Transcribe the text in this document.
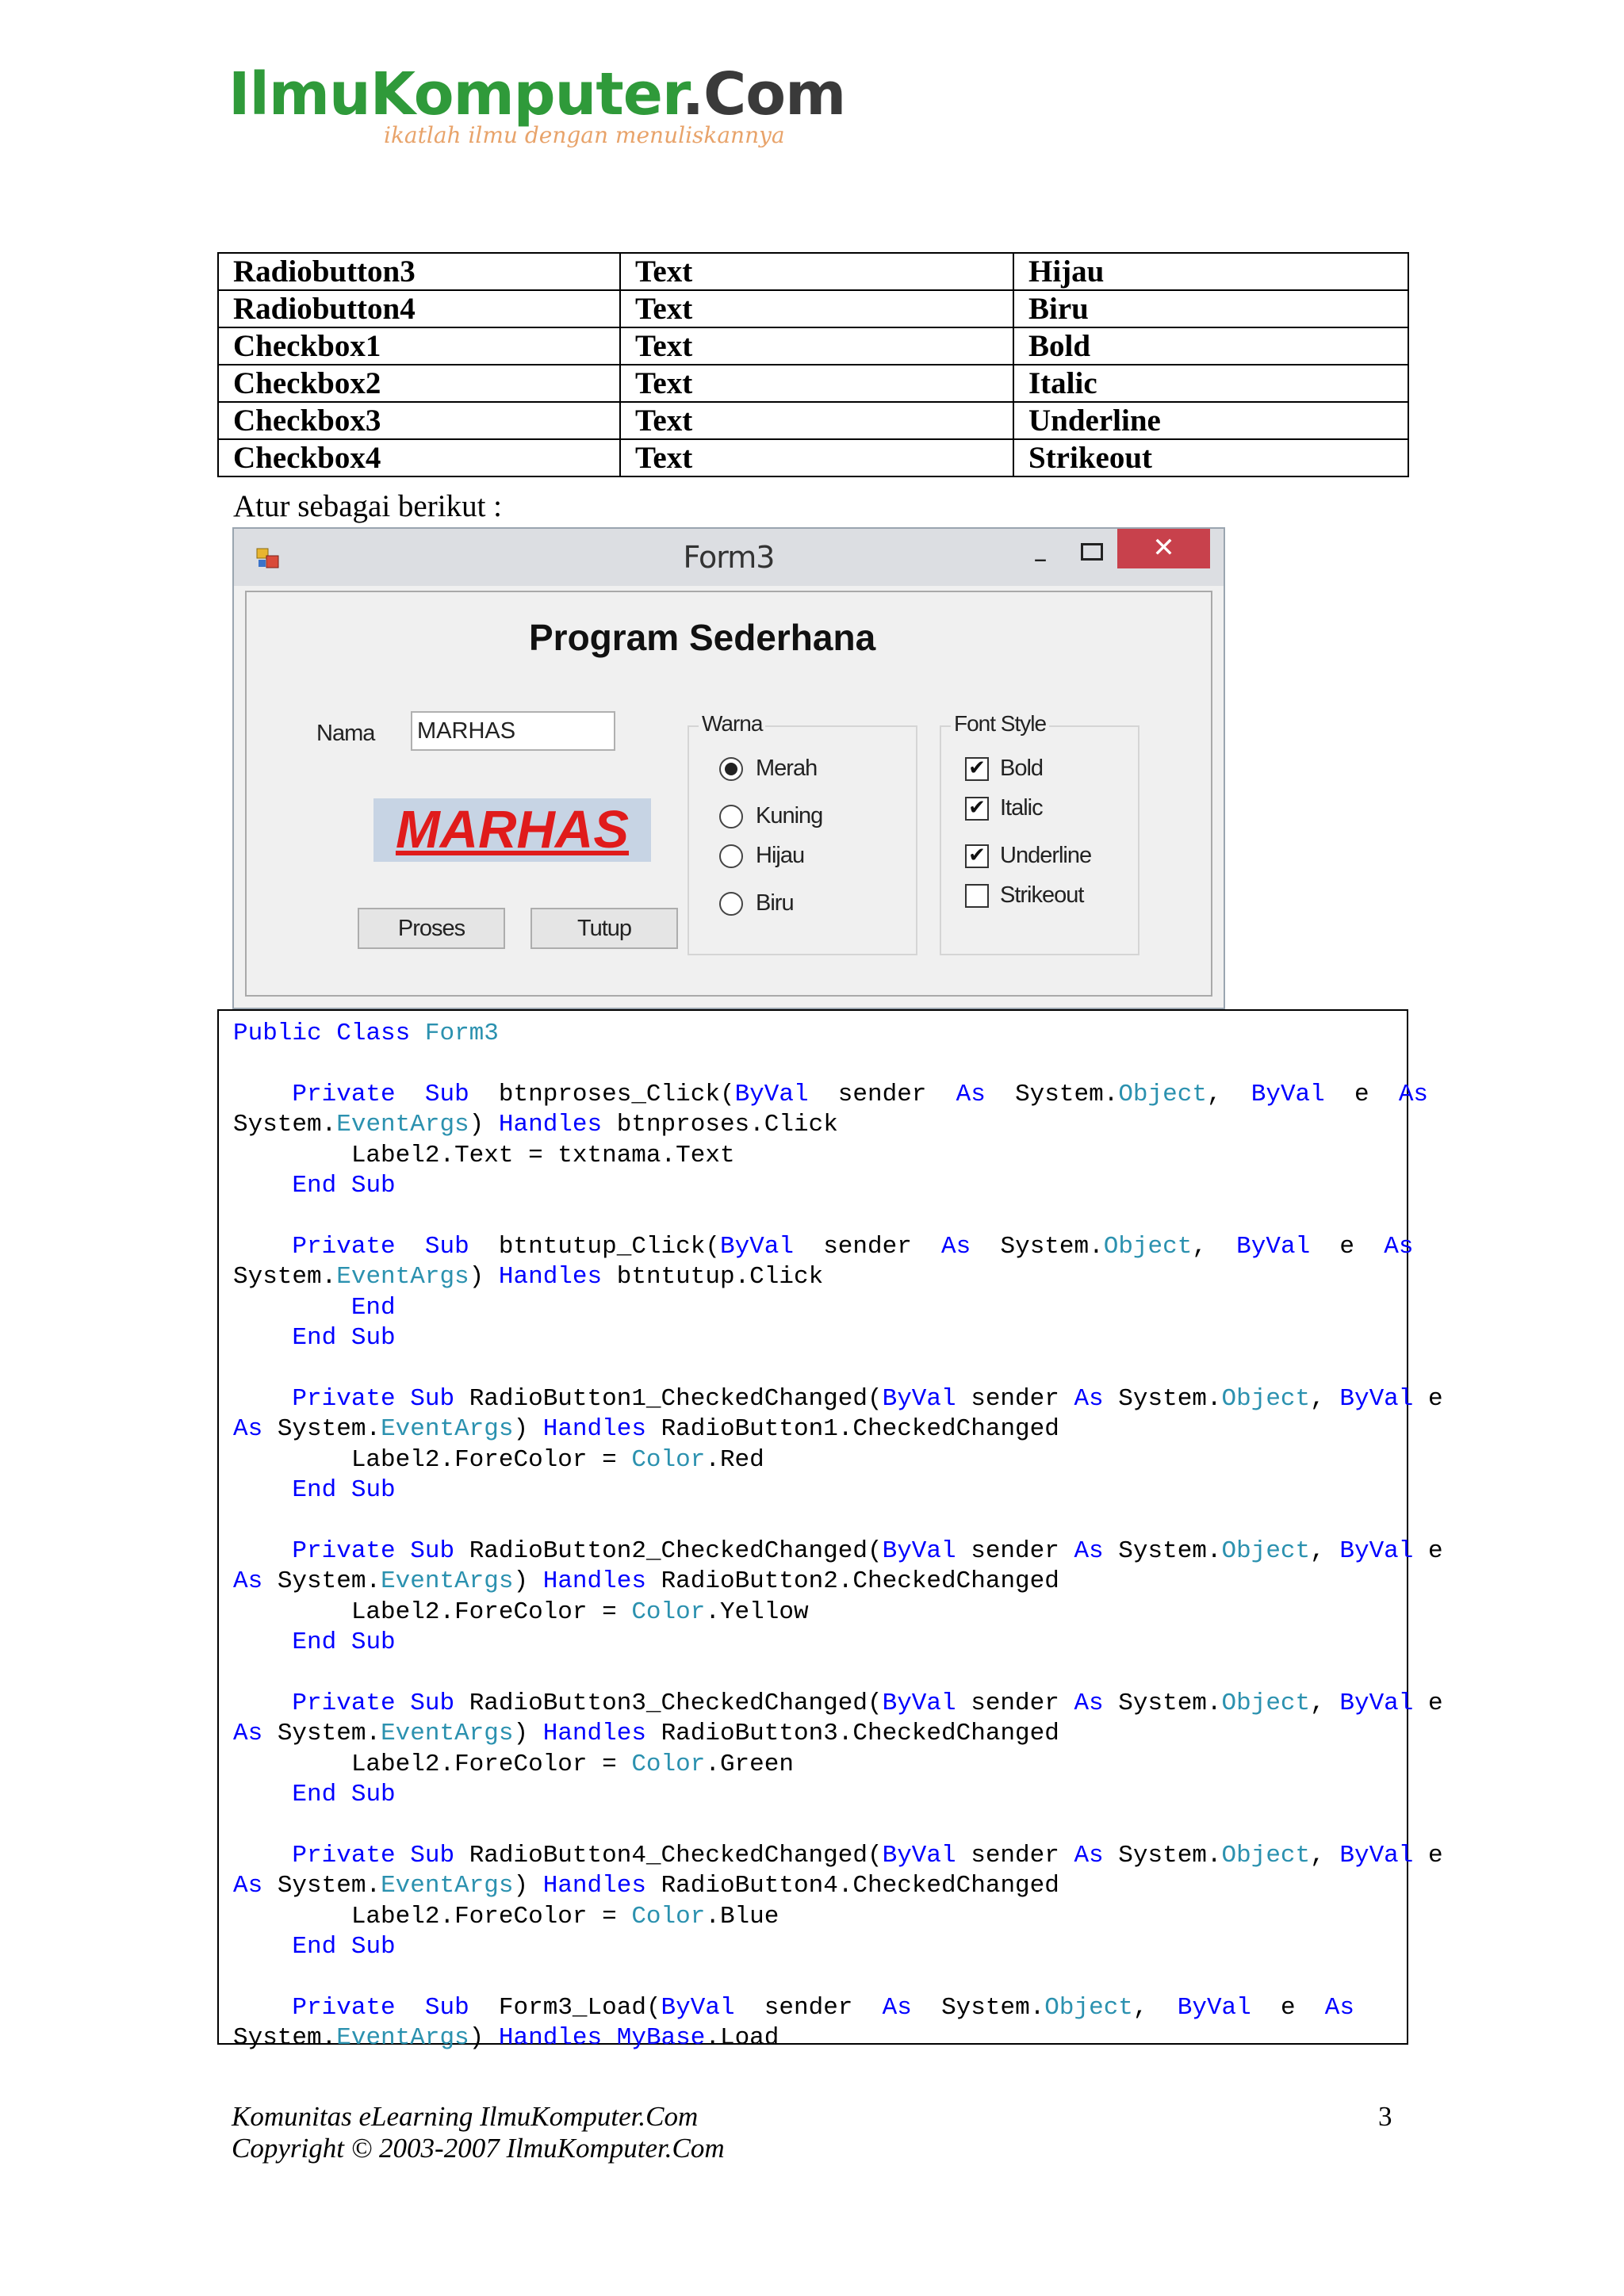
IlmuKomputer.Com
ikatlah ilmu dengan menuliskannya
Radiobutton3	Text	Hijau
Radiobutton4	Text	Biru
Checkbox1	Text	Bold
Checkbox2	Text	Italic
Checkbox3	Text	Underline
Checkbox4	Text	Strikeout
Atur sebagai berikut :
Form3	–	✕
Program Sederhana
Nama MARHAS
MARHAS
Proses	Tutup
Warna	Font Style
Merah
Kuning
Hijau
Biru
✔ Bold
✔ Italic
✔ Underline
Strikeout
Public Class Form3

Private Sub btnproses_Click(ByVal sender As System.Object,  ByVal e As
System.EventArgs) Handles btnproses.Click
Label2.Text = txtnama.Text
End Sub

Private Sub btntutup_Click(ByVal sender As System.Object,  ByVal e As
System.EventArgs) Handles btntutup.Click
End
End Sub

Private Sub RadioButton1_CheckedChanged(ByVal sender As System.Object, ByVal e
As System.EventArgs) Handles RadioButton1.CheckedChanged
Label2.ForeColor = Color.Red
End Sub

Private Sub RadioButton2_CheckedChanged(ByVal sender As System.Object, ByVal e
As System.EventArgs) Handles RadioButton2.CheckedChanged
Label2.ForeColor = Color.Yellow
End Sub

Private Sub RadioButton3_CheckedChanged(ByVal sender As System.Object, ByVal e
As System.EventArgs) Handles RadioButton3.CheckedChanged
Label2.ForeColor = Color.Green
End Sub

Private Sub RadioButton4_CheckedChanged(ByVal sender As System.Object, ByVal e
As System.EventArgs) Handles RadioButton4.CheckedChanged
Label2.ForeColor = Color.Blue
End Sub

Private Sub Form3_Load(ByVal sender As System.Object,  ByVal e As
System.EventArgs) Handles MyBase.Load
Komunitas eLearning IlmuKomputer.Com
Copyright © 2003-2007 IlmuKomputer.Com
3
